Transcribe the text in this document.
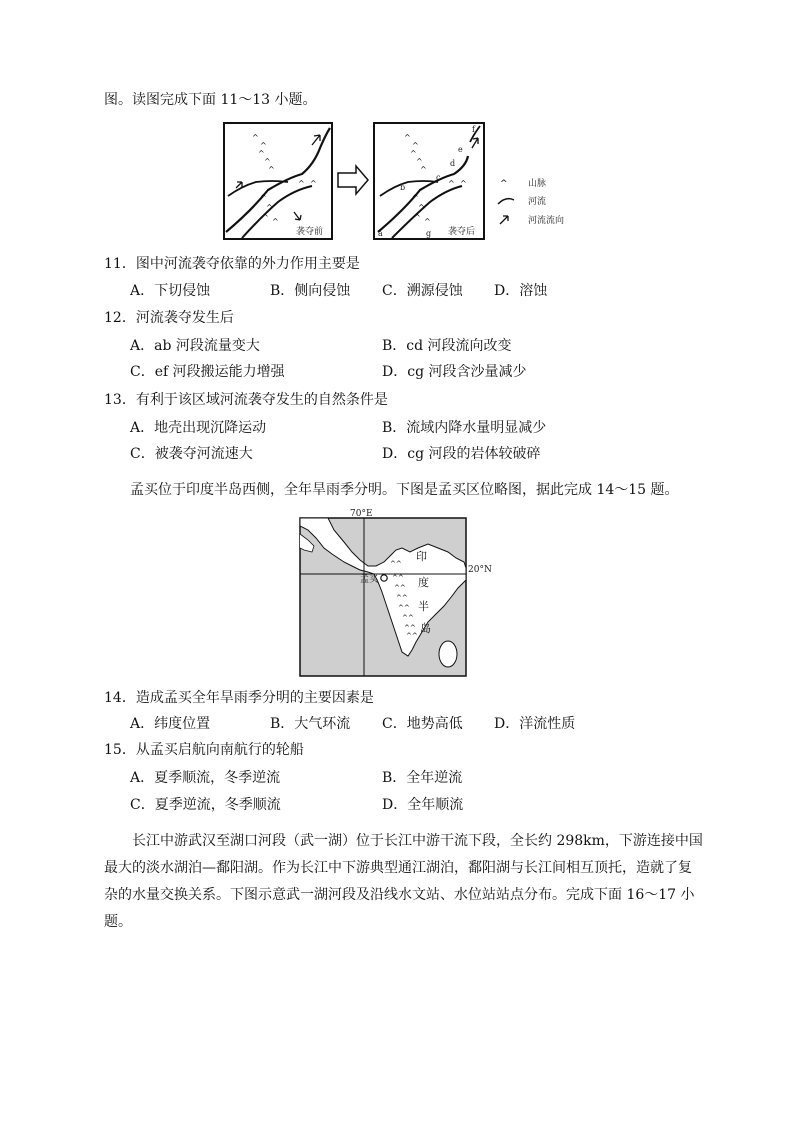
图。读图完成下面 11～13 小题。
^
^
^
^
^
^ ^
^
^
^ ^
袭夺前
^
^
^
^
^
^ ^
^
^
^ ^
a
b
c
d
e
f
g 袭夺后
^ 山脉
河流
河流流向
11．图中河流袭夺依靠的外力作用主要是
A．下切侵蚀	B．侧向侵蚀 C．溯源侵蚀 D．溶蚀
12．河流袭夺发生后
A．ab 河段流量变大	B．cd 河段流向改变
C．ef 河段搬运能力增强	D．cg 河段含沙量减少
13．有利于该区域河流袭夺发生的自然条件是
A．地壳出现沉降运动	B．流域内降水量明显减少
C．被袭夺河流速大	D．cg 河段的岩体较破碎
孟买位于印度半岛西侧，全年旱雨季分明。下图是孟买区位略图，据此完成 14～15 题。
70°E
20°N
孟买
^^
^^
^^
^^
^^
^^
^^
^^
印
度
半
岛
14．造成孟买全年旱雨季分明的主要因素是
A．纬度位置	B．大气环流 C．地势高低 D．洋流性质
15．从孟买启航向南航行的轮船
A．夏季顺流，冬季逆流	B．全年逆流
C．夏季逆流，冬季顺流	D．全年顺流
长江中游武汉至湖口河段（武一湖）位于长江中游干流下段，全长约 298km，下游连接中国最大的淡水湖泊—鄱阳湖。作为长江中下游典型通江湖泊，鄱阳湖与长江间相互顶托，造就了复杂的水量交换关系。下图示意武一湖河段及沿线水文站、水位站站点分布。完成下面 16～17 小题。
